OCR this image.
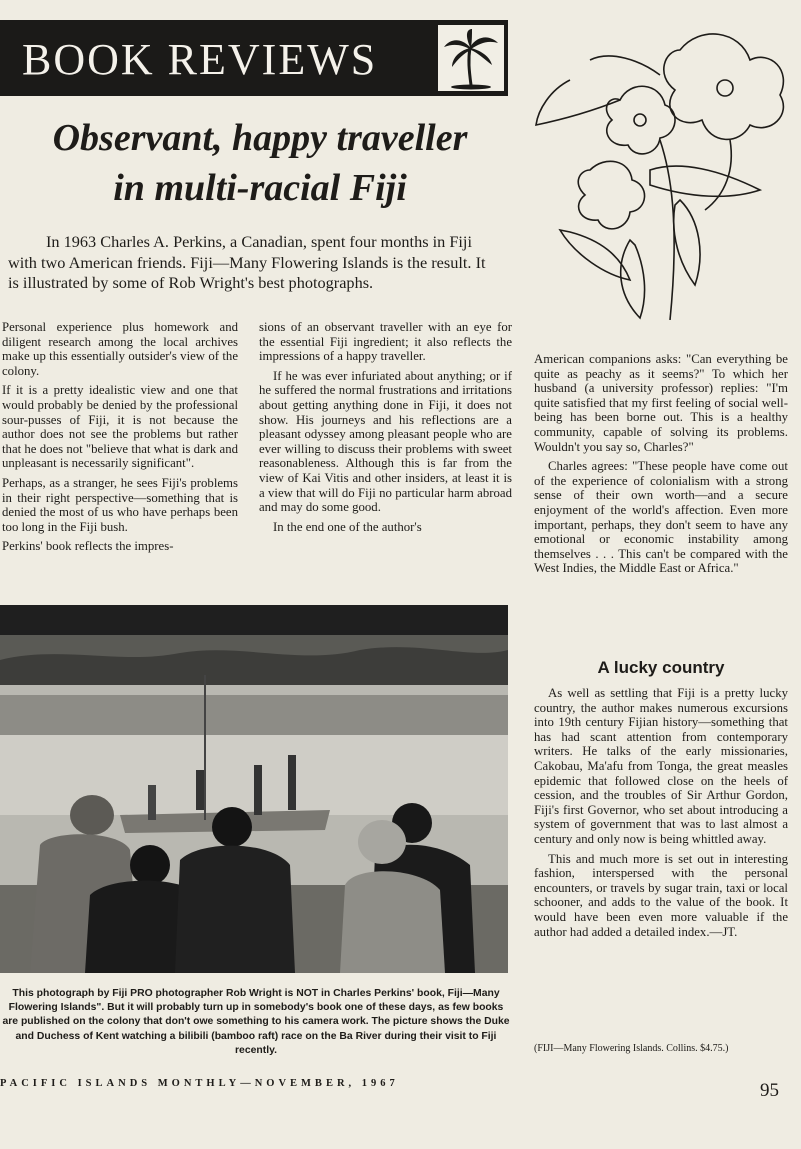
BOOK REVIEWS
Observant, happy traveller
in multi-racial Fiji
In 1963 Charles A. Perkins, a Canadian, spent four months in Fiji with two American friends. Fiji—Many Flowering Islands is the result. It is illustrated by some of Rob Wright's best photographs.

Personal experience plus homework and diligent research among the local archives make up this essentially outsider's view of the colony.

If it is a pretty idealistic view and one that would probably be denied by the professional sour-pusses of Fiji, it is not because the author does not see the problems but rather that he does not "believe that what is dark and unpleasant is necessarily significant".

Perhaps, as a stranger, he sees Fiji's problems in their right perspective—something that is denied the most of us who have perhaps been too long in the Fiji bush.

Perkins' book reflects the impres-

sions of an observant traveller with an eye for the essential Fiji ingredient; it also reflects the impressions of a happy traveller.

If he was ever infuriated about anything; or if he suffered the normal frustrations and irritations about getting anything done in Fiji, it does not show. His journeys and his reflections are a pleasant odyssey among pleasant people who are ever willing to discuss their problems with sweet reasonableness. Although this is far from the view of Kai Vitis and other insiders, at least it is a view that will do Fiji no particular harm abroad and may do some good.

In the end one of the author's

American companions asks: "Can everything be quite as peachy as it seems?" To which her husband (a university professor) replies: "I'm quite satisfied that my first feeling of social well-being has been borne out. This is a healthy community, capable of solving its problems. Wouldn't you say so, Charles?"

Charles agrees: "These people have come out of the experience of colonialism with a strong sense of their own worth—and a secure enjoyment of the world's affection. Even more important, perhaps, they don't seem to have any emotional or economic instability among themselves . . . This can't be compared with the West Indies, the Middle East or Africa."

A lucky country

As well as settling that Fiji is a pretty lucky country, the author makes numerous excursions into 19th century Fijian history—something that has had scant attention from contemporary writers. He talks of the early missionaries, Cakobau, Ma'afu from Tonga, the great measles epidemic that followed close on the heels of cession, and the troubles of Sir Arthur Gordon, Fiji's first Governor, who set about introducing a system of government that was to last almost a century and only now is being whittled away.

This and much more is set out in interesting fashion, interspersed with the personal encounters, or travels by sugar train, taxi or local schooner, and adds to the value of the book. It would have been even more valuable if the author had added a detailed index.—JT.

(FIJI—Many Flowering Islands. Collins. $4.75.)
This photograph by Fiji PRO photographer Rob Wright is NOT in Charles Perkins' book, Fiji—Many Flowering Islands". But it will probably turn up in somebody's book one of these days, as few books are published on the colony that don't owe something to his camera work. The picture shows the Duke and Duchess of Kent watching a bilibili (bamboo raft) race on the Ba River during their visit to Fiji recently.
PACIFIC ISLANDS MONTHLY—NOVEMBER, 1967	95
